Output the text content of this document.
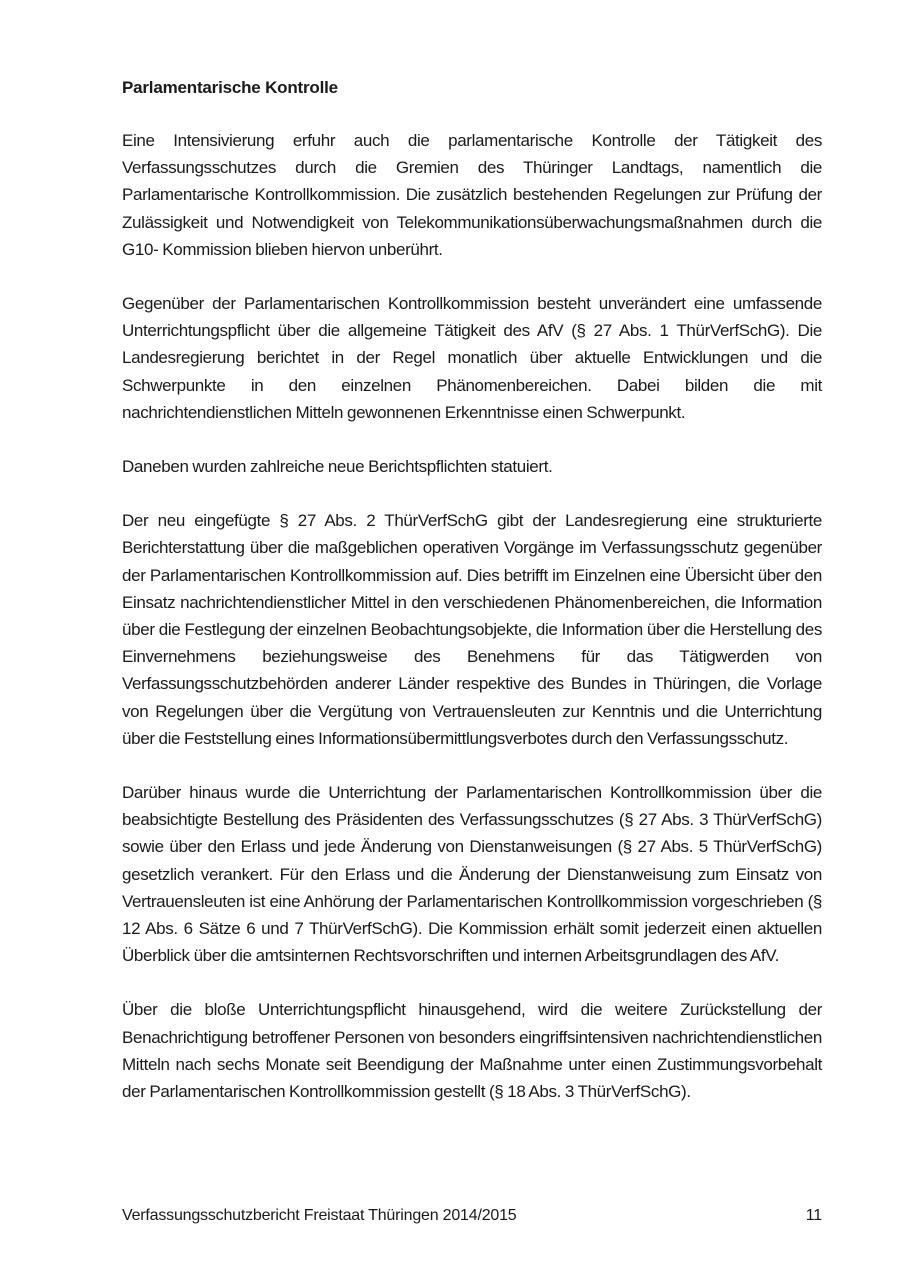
Parlamentarische Kontrolle

Eine Intensivierung erfuhr auch die parlamentarische Kontrolle der Tätigkeit des Verfassungsschutzes durch die Gremien des Thüringer Landtags, namentlich die Parlamentarische Kontrollkommission. Die zusätzlich bestehenden Regelungen zur Prüfung der Zulässigkeit und Notwendigkeit von Telekommunikationsüberwachungsmaßnahmen durch die G10- Kommission blieben hiervon unberührt.

Gegenüber der Parlamentarischen Kontrollkommission besteht unverändert eine umfassende Unterrichtungspflicht über die allgemeine Tätigkeit des AfV (§ 27 Abs. 1 ThürVerfSchG). Die Landesregierung berichtet in der Regel monatlich über aktuelle Entwicklungen und die Schwerpunkte in den einzelnen Phänomenbereichen. Dabei bilden die mit nachrichtendienstlichen Mitteln gewonnenen Erkenntnisse einen Schwerpunkt.

Daneben wurden zahlreiche neue Berichtspflichten statuiert.

Der neu eingefügte § 27 Abs. 2 ThürVerfSchG gibt der Landesregierung eine strukturierte Berichterstattung über die maßgeblichen operativen Vorgänge im Verfassungsschutz gegenüber der Parlamentarischen Kontrollkommission auf. Dies betrifft im Einzelnen eine Übersicht über den Einsatz nachrichtendienstlicher Mittel in den verschiedenen Phänomenbereichen, die Information über die Festlegung der einzelnen Beobachtungsobjekte, die Information über die Herstellung des Einvernehmens beziehungsweise des Benehmens für das Tätigwerden von Verfassungsschutzbehörden anderer Länder respektive des Bundes in Thüringen, die Vorlage von Regelungen über die Vergütung von Vertrauensleuten zur Kenntnis und die Unterrichtung über die Feststellung eines Informationsübermittlungsverbotes durch den Verfassungsschutz.

Darüber hinaus wurde die Unterrichtung der Parlamentarischen Kontrollkommission über die beabsichtigte Bestellung des Präsidenten des Verfassungsschutzes (§ 27 Abs. 3 ThürVerfSchG) sowie über den Erlass und jede Änderung von Dienstanweisungen (§ 27 Abs. 5 ThürVerfSchG) gesetzlich verankert. Für den Erlass und die Änderung der Dienstanweisung zum Einsatz von Vertrauensleuten ist eine Anhörung der Parlamentarischen Kontrollkommission vorgeschrieben (§ 12 Abs. 6 Sätze 6 und 7 ThürVerfSchG). Die Kommission erhält somit jederzeit einen aktuellen Überblick über die amtsinternen Rechtsvorschriften und internen Arbeitsgrundlagen des AfV.

Über die bloße Unterrichtungspflicht hinausgehend, wird die weitere Zurückstellung der Benachrichtigung betroffener Personen von besonders eingriffsintensiven nachrichtendienstlichen Mitteln nach sechs Monate seit Beendigung der Maßnahme unter einen Zustimmungsvorbehalt der Parlamentarischen Kontrollkommission gestellt (§ 18 Abs. 3 ThürVerfSchG).

Verfassungsschutzbericht Freistaat Thüringen 2014/2015	11
